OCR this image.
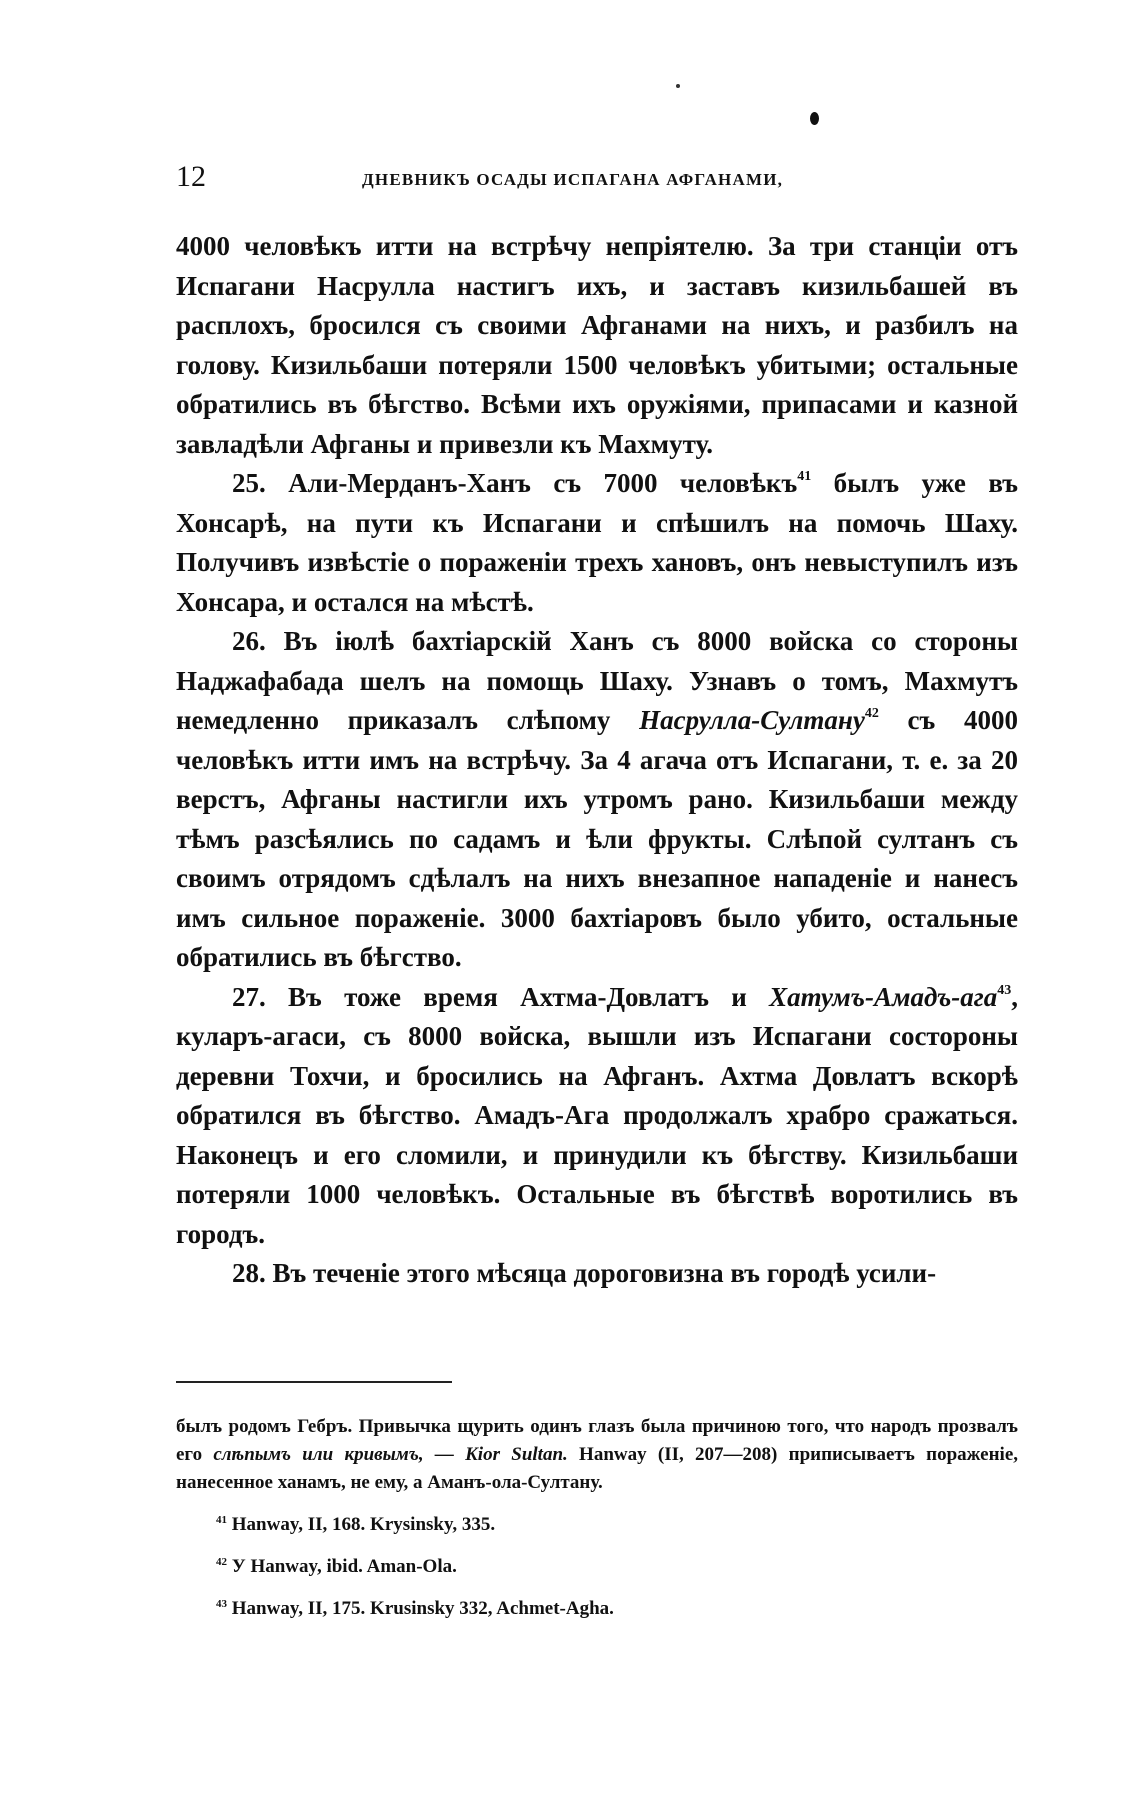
12	ДНЕВНИКЪ ОСАДЫ ИСПАГАНА АФГАНАМИ,

4000 человѣкъ итти на встрѣчу непріятелю. За три станціи отъ Испагани Насрулла настигъ ихъ, и заставъ кизильбашей въ расплохъ, бросился съ своими Афганами на нихъ, и разбилъ на голову. Кизильбаши потеряли 1500 человѣкъ убитыми; остальные обратились въ бѣгство. Всѣми ихъ оружіями, припасами и казной завладѣли Афганы и привезли къ Махмуту.

25. Али-Мерданъ-Ханъ съ 7000 человѣкъ$^{41}$ былъ уже въ Хонсарѣ, на пути къ Испагани и спѣшилъ на помочь Шаху. Получивъ извѣстіе о пораженіи трехъ хановъ, онъ невыступилъ изъ Хонсара, и остался на мѣстѣ.

26. Въ іюлѣ бахтіарскій Ханъ съ 8000 войска со стороны Наджафабада шелъ на помощь Шаху. Узнавъ о томъ, Махмутъ немедленно приказалъ слѣпому Насрулла-Султану$^{42}$ съ 4000 человѣкъ итти имъ на встрѣчу. За 4 агача отъ Испагани, т. е. за 20 верстъ, Афганы настигли ихъ утромъ рано. Кизильбаши между тѣмъ разсѣялись по садамъ и ѣли фрукты. Слѣпой султанъ съ своимъ отрядомъ сдѣлалъ на нихъ внезапное нападеніе и нанесъ имъ сильное пораженіе. 3000 бахтіаровъ было убито, остальные обратились въ бѣгство.

27. Въ тоже время Ахтма-Довлатъ и Хатумъ-Амадъ-ага$^{43}$, куларъ-агаси, съ 8000 войска, вышли изъ Испагани состороны деревни Тохчи, и бросились на Афганъ. Ахтма Довлатъ вскорѣ обратился въ бѣгство. Амадъ-Ага продолжалъ храбро сражаться. Наконецъ и его сломили, и принудили къ бѣгству. Кизильбаши потеряли 1000 человѣкъ. Остальные въ бѣгствѣ воротились въ городъ.

28. Въ теченіе этого мѣсяца дороговизна въ городѣ усили-

былъ родомъ Гебръ. Привычка щурить одинъ глазъ была причиною того, что народъ прозвалъ его слѣпымъ или кривымъ, — Kior Sultan. Hanway (II, 207—208) приписываетъ пораженіе, нанесенное ханамъ, не ему, а Аманъ-ола-Султану.

$^{41}$ Hanway, II, 168. Krysinsky, 335.

$^{42}$ У Hanway, ibid. Aman-Ola.

$^{43}$ Hanway, II, 175. Krusinsky 332, Achmet-Agha.
